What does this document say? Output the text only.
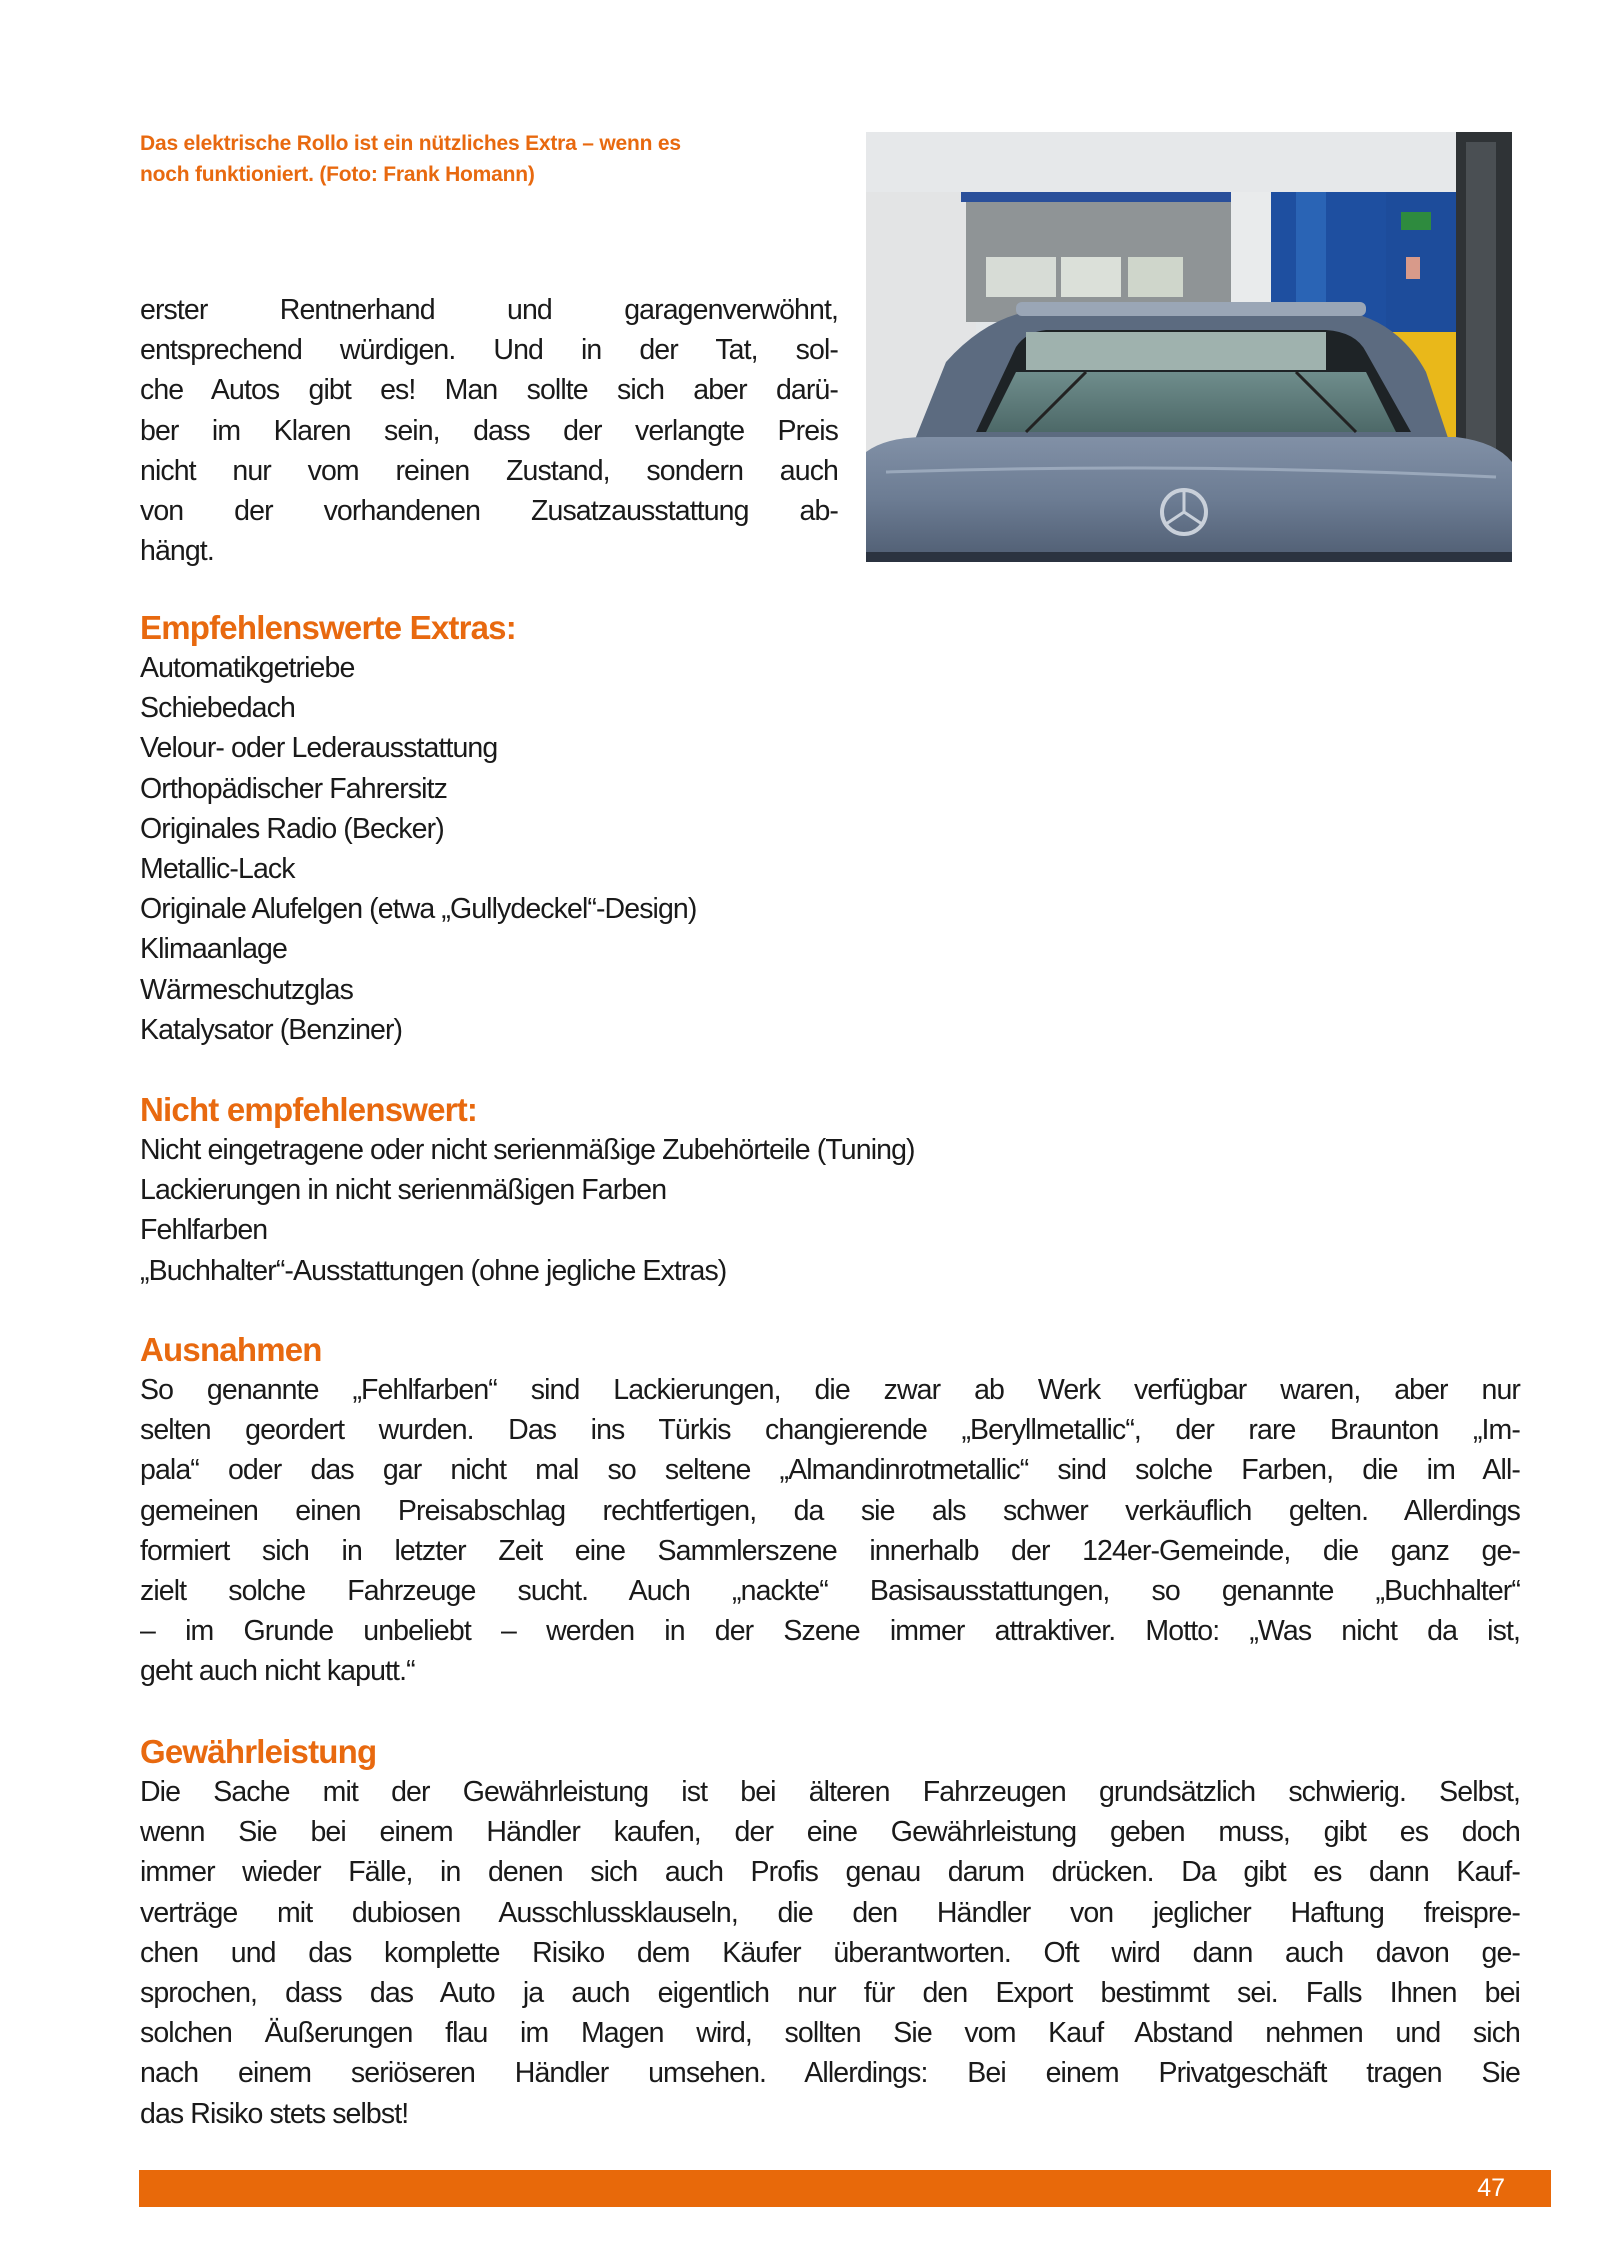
Das elektrische Rollo ist ein nützliches Extra – wenn es
noch funktioniert. (Foto: Frank Homann)
erster Rentnerhand und garagenverwöhnt,
entsprechend würdigen. Und in der Tat, sol-
che Autos gibt es! Man sollte sich aber darü-
ber im Klaren sein, dass der verlangte Preis
nicht nur vom reinen Zustand, sondern auch
von der vorhandenen Zusatzausstattung ab-
hängt.
Empfehlenswerte Extras:
Automatikgetriebe
Schiebedach
Velour- oder Lederausstattung
Orthopädischer Fahrersitz
Originales Radio (Becker)
Metallic-Lack
Originale Alufelgen (etwa „Gullydeckel“-Design)
Klimaanlage
Wärmeschutzglas
Katalysator (Benziner)
Nicht empfehlenswert:
Nicht eingetragene oder nicht serienmäßige Zubehörteile (Tuning)
Lackierungen in nicht serienmäßigen Farben
Fehlfarben
„Buchhalter“-Ausstattungen (ohne jegliche Extras)
Ausnahmen
So genannte „Fehlfarben“ sind Lackierungen, die zwar ab Werk verfügbar waren, aber nur
selten geordert wurden. Das ins Türkis changierende „Beryllmetallic“, der rare Braunton „Im-
pala“ oder das gar nicht mal so seltene „Almandinrotmetallic“ sind solche Farben, die im All-
gemeinen einen Preisabschlag rechtfertigen, da sie als schwer verkäuflich gelten. Allerdings
formiert sich in letzter Zeit eine Sammlerszene innerhalb der 124er-Gemeinde, die ganz ge-
zielt solche Fahrzeuge sucht. Auch „nackte“ Basisausstattungen, so genannte „Buchhalter“
– im Grunde unbeliebt – werden in der Szene immer attraktiver. Motto: „Was nicht da ist,
geht auch nicht kaputt.“
Gewährleistung
Die Sache mit der Gewährleistung ist bei älteren Fahrzeugen grundsätzlich schwierig. Selbst,
wenn Sie bei einem Händler kaufen, der eine Gewährleistung geben muss, gibt es doch
immer wieder Fälle, in denen sich auch Profis genau darum drücken. Da gibt es dann Kauf-
verträge mit dubiosen Ausschlussklauseln, die den Händler von jeglicher Haftung freispre-
chen und das komplette Risiko dem Käufer überantworten. Oft wird dann auch davon ge-
sprochen, dass das Auto ja auch eigentlich nur für den Export bestimmt sei. Falls Ihnen bei
solchen Äußerungen flau im Magen wird, sollten Sie vom Kauf Abstand nehmen und sich
nach einem seriöseren Händler umsehen. Allerdings: Bei einem Privatgeschäft tragen Sie
das Risiko stets selbst!
47
